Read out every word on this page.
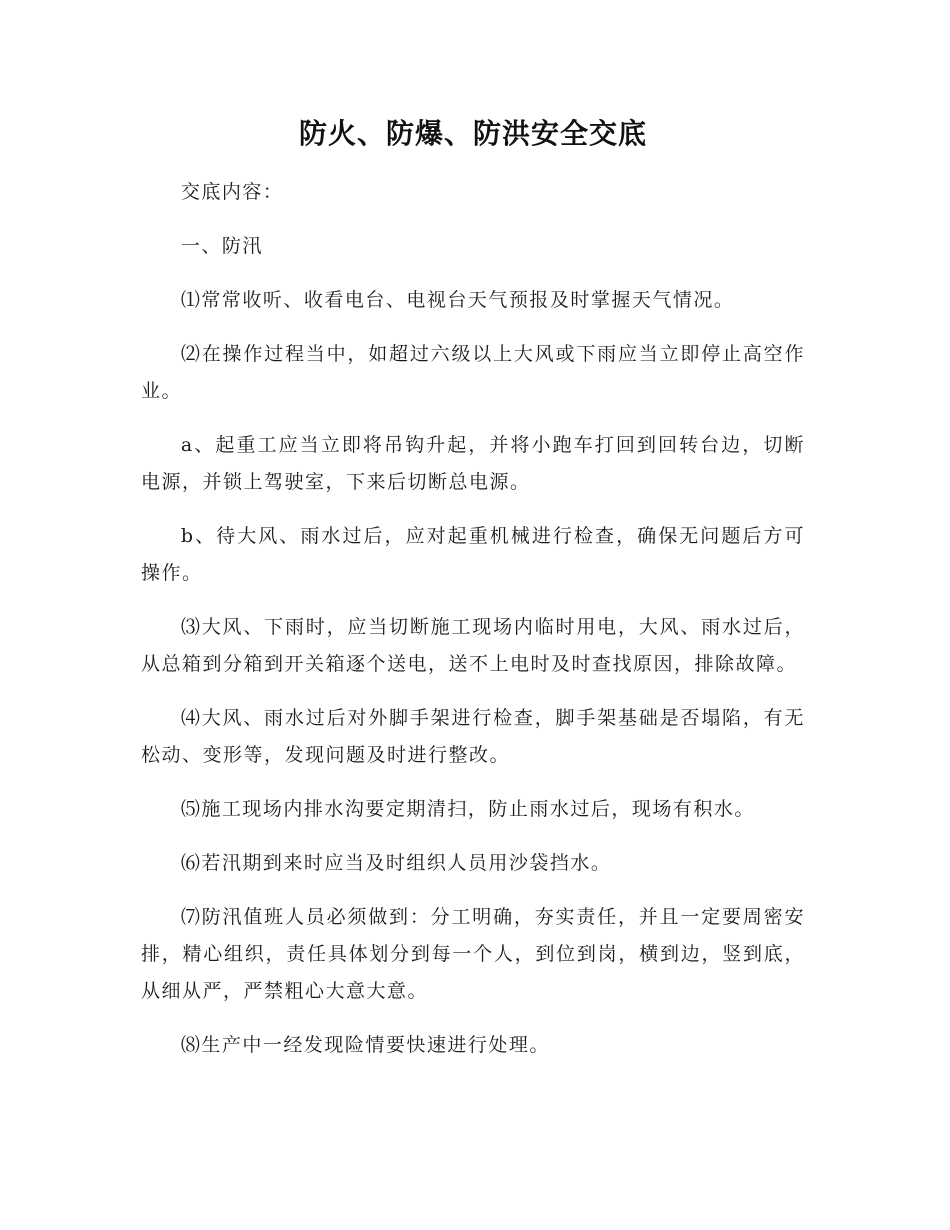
防火、防爆、防洪安全交底

交底内容：

一、防汛

⑴常常收听、收看电台、电视台天气预报及时掌握天气情况。

⑵在操作过程当中，如超过六级以上大风或下雨应当立即停止高空作业。

a、起重工应当立即将吊钩升起，并将小跑车打回到回转台边，切断电源，并锁上驾驶室，下来后切断总电源。

b、待大风、雨水过后，应对起重机械进行检查，确保无问题后方可操作。

⑶大风、下雨时，应当切断施工现场内临时用电，大风、雨水过后，从总箱到分箱到开关箱逐个送电，送不上电时及时查找原因，排除故障。

⑷大风、雨水过后对外脚手架进行检查，脚手架基础是否塌陷，有无松动、变形等，发现问题及时进行整改。

⑸施工现场内排水沟要定期清扫，防止雨水过后，现场有积水。

⑹若汛期到来时应当及时组织人员用沙袋挡水。

⑺防汛值班人员必须做到：分工明确，夯实责任，并且一定要周密安排，精心组织，责任具体划分到每一个人，到位到岗，横到边，竖到底，从细从严，严禁粗心大意大意。

⑻生产中一经发现险情要快速进行处理。
